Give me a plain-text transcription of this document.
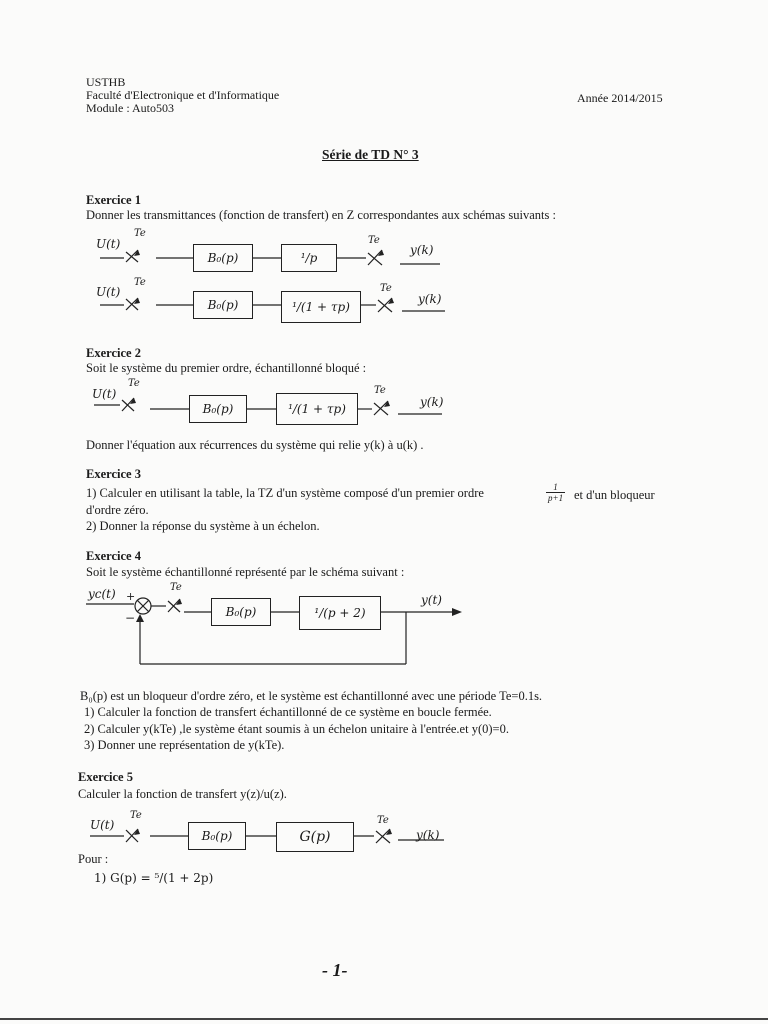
USTHB
Faculté d'Electronique et d'Informatique
Module : Auto503
Année 2014/2015
Série de TD N° 3
Exercice 1
Donner les transmittances (fonction de transfert) en Z correspondantes aux schémas suivants :
U(t)
Te
B₀(p)	¹/p
Te
y(k)
U(t)
Te
B₀(p)	¹/(1 + τp)
Te
y(k)
Exercice 2
Soit le système du premier ordre, échantillonné bloqué :
U(t)
Te
B₀(p)	¹/(1 + τp)
Te
y(k)
Donner l'équation aux récurrences du système qui relie y(k) à u(k) .
Exercice 3
1) Calculer en utilisant la table, la TZ d'un système composé d'un premier ordre	$\frac{1}{p+1}$ et d'un bloqueur
d'ordre zéro.
2) Donner la réponse du système à un échelon.
Exercice 4
Soit le système échantillonné représenté par le schéma suivant :
yc(t) +
−
Te
B₀(p)	¹/(p + 2)
y(t)
B₀(p) est un bloqueur d'ordre zéro, et le système est échantillonné avec une période Te=0.1s.
1) Calculer la fonction de transfert échantillonné de ce système en boucle fermée.
2) Calculer y(kTe) ,le système étant soumis à un échelon unitaire à l'entrée.et y(0)=0.
3) Donner une représentation de y(kTe).
Exercice 5
Calculer la fonction de transfert y(z)/u(z).
U(t)
Te
B₀(p)	G(p)
Te
y(k)
Pour :
1) G(p) = ⁵/(1 + 2p)
- 1-
